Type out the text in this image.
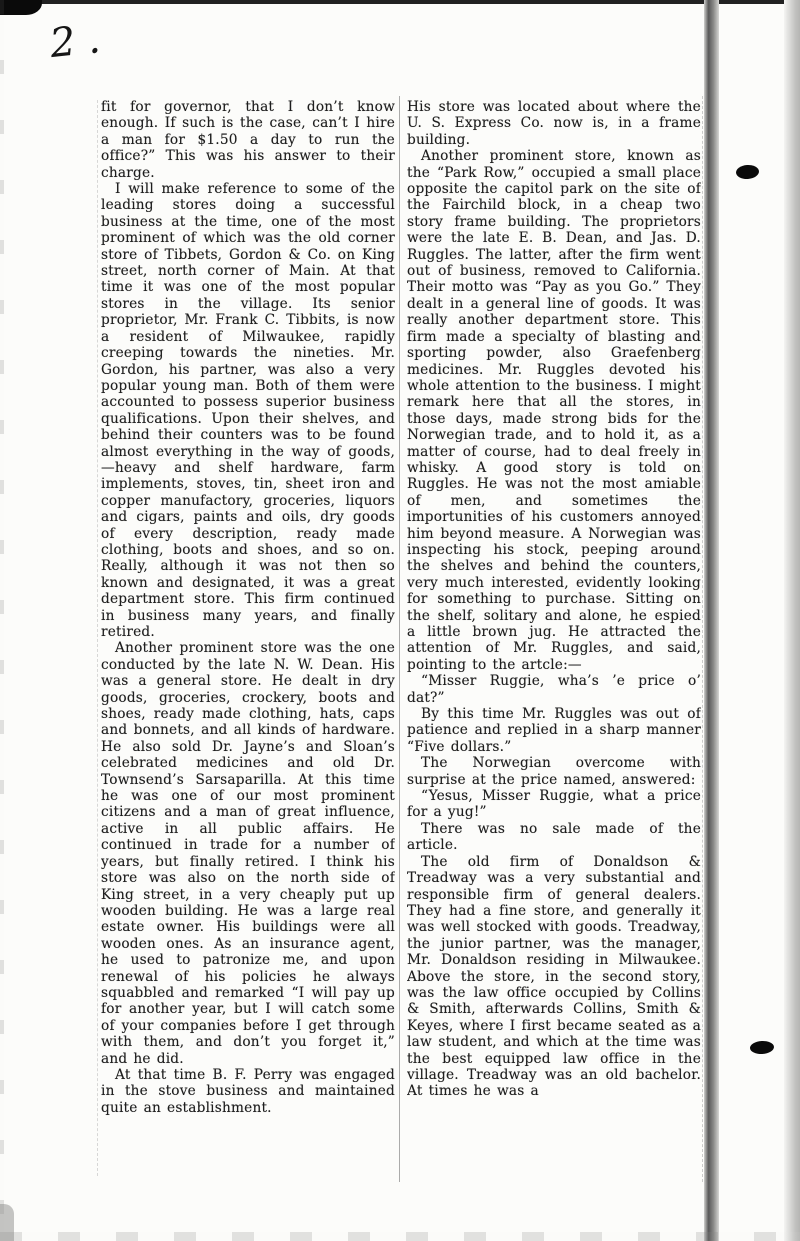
2.

fit for governor, that I don’t know enough. If such is the case, can’t I hire a man for $1.50 a day to run the office?” This was his answer to their charge.

I will make reference to some of the leading stores doing a successful business at the time, one of the most prominent of which was the old corner store of Tibbets, Gordon & Co. on King street, north corner of Main. At that time it was one of the most popular stores in the village. Its senior proprietor, Mr. Frank C. Tibbits, is now a resident of Milwaukee, rapidly creeping towards the nineties. Mr. Gordon, his partner, was also a very popular young man. Both of them were accounted to possess superior business qualifications. Upon their shelves, and behind their counters was to be found almost everything in the way of goods, —heavy and shelf hardware, farm implements, stoves, tin, sheet iron and copper manufactory, groceries, liquors and cigars, paints and oils, dry goods of every description, ready made clothing, boots and shoes, and so on. Really, although it was not then so known and designated, it was a great department store. This firm continued in business many years, and finally retired.

Another prominent store was the one conducted by the late N. W. Dean. His was a general store. He dealt in dry goods, groceries, crockery, boots and shoes, ready made clothing, hats, caps and bonnets, and all kinds of hardware. He also sold Dr. Jayne’s and Sloan’s celebrated medicines and old Dr. Townsend’s Sarsaparilla. At this time he was one of our most prominent citizens and a man of great influence, active in all public affairs. He continued in trade for a number of years, but finally retired. I think his store was also on the north side of King street, in a very cheaply put up wooden building. He was a large real estate owner. His buildings were all wooden ones. As an insurance agent, he used to patronize me, and upon renewal of his policies he always squabbled and remarked “I will pay up for another year, but I will catch some of your companies before I get through with them, and don’t you forget it,” and he did.

At that time B. F. Perry was engaged in the stove business and maintained quite an establishment.

His store was located about where the U. S. Express Co. now is, in a frame building.

Another prominent store, known as the “Park Row,” occupied a small place opposite the capitol park on the site of the Fairchild block, in a cheap two story frame building. The proprietors were the late E. B. Dean, and Jas. D. Ruggles. The latter, after the firm went out of business, removed to California. Their motto was “Pay as you Go.” They dealt in a general line of goods. It was really another department store. This firm made a specialty of blasting and sporting powder, also Graefenberg medicines. Mr. Ruggles devoted his whole attention to the business. I might remark here that all the stores, in those days, made strong bids for the Norwegian trade, and to hold it, as a matter of course, had to deal freely in whisky. A good story is told on Ruggles. He was not the most amiable of men, and sometimes the importunities of his customers annoyed him beyond measure. A Norwegian was inspecting his stock, peeping around the shelves and behind the counters, very much interested, evidently looking for something to purchase. Sitting on the shelf, solitary and alone, he espied a little brown jug. He attracted the attention of Mr. Ruggles, and said, pointing to the artcle:—

“Misser Ruggie, wha’s ’e price o’ dat?”

By this time Mr. Ruggles was out of patience and replied in a sharp manner “Five dollars.”

The Norwegian overcome with surprise at the price named, answered:

“Yesus, Misser Ruggie, what a price for a yug!”

There was no sale made of the article.

The old firm of Donaldson & Treadway was a very substantial and responsible firm of general dealers. They had a fine store, and generally it was well stocked with goods. Treadway, the junior partner, was the manager, Mr. Donaldson residing in Milwaukee. Above the store, in the second story, was the law office occupied by Collins & Smith, afterwards Collins, Smith & Keyes, where I first became seated as a law student, and which at the time was the best equipped law office in the village. Treadway was an old bachelor. At times he was a
